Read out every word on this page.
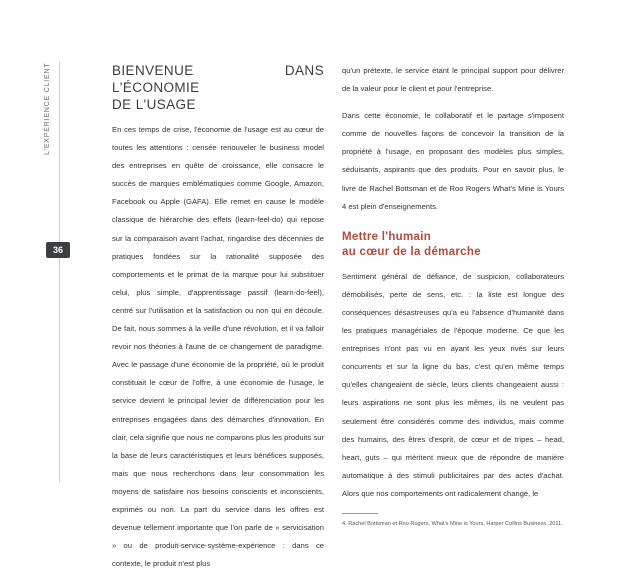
L'EXPÉRIENCE CLIENT
36
BIENVENUE DANS L'ÉCONOMIE
DE L'USAGE

En ces temps de crise, l'économie de l'usage est au cœur de toutes les attentions : censée renouveler le business model des entreprises en quête de croissance, elle consacre le succès de marques emblématiques comme Google, Amazon, Facebook ou Apple (GAFA). Elle remet en cause le modèle classique de hiérarchie des effets (learn-feel-do) qui repose sur la comparaison avant l'achat, ringardise des décennies de pratiques fondées sur la rationalité supposée des comportements et le primat de la marque pour lui substituer celui, plus simple, d'apprentissage passif (learn-do-feel), centré sur l'utilisation et la satisfaction ou non qui en découle. De fait, nous sommes à la veille d'une révolution, et il va falloir revoir nos théories à l'aune de ce changement de paradigme. Avec le passage d'une économie de la propriété, où le produit constituait le cœur de l'offre, à une économie de l'usage, le service devient le principal levier de différenciation pour les entreprises engagées dans des démarches d'innovation. En clair, cela signifie que nous ne comparons plus les produits sur la base de leurs caractéristiques et leurs bénéfices supposés, mais que nous recherchons dans leur consommation les moyens de satisfaire nos besoins conscients et inconscients, exprimés ou non. La part du service dans les offres est devenue tellement importante que l'on parle de « servicisation » ou de produit-service-système-expérience : dans ce contexte, le produit n'est plus

qu'un prétexte, le service étant le principal support pour délivrer de la valeur pour le client et pour l'entreprise.

Dans cette économie, le collaboratif et le partage s'imposent comme de nouvelles façons de concevoir la transition de la propriété à l'usage, en proposant des modèles plus simples, séduisants, aspirants que des produits. Pour en savoir plus, le livre de Rachel Bottsman et de Roo Rogers What's Mine is Yours 4 est plein d'enseignements.

Mettre l'humain
au cœur de la démarche

Sentiment général de défiance, de suspicion, collaborateurs démobilisés, perte de sens, etc. : la liste est longue des conséquences désastreuses qu'a eu l'absence d'humanité dans les pratiques managériales de l'époque moderne. Ce que les entreprises n'ont pas vu en ayant les yeux rivés sur leurs concurrents et sur la ligne du bas, c'est qu'en même temps qu'elles changeaient de siècle, leurs clients changeaient aussi : leurs aspirations ne sont plus les mêmes, ils ne veulent pas seulement être considérés comme des individus, mais comme des humains, des êtres d'esprit, de cœur et de tripes – head, heart, guts – qui méritent mieux que de répondre de manière automatique à des stimuli publicitaires par des actes d'achat. Alors que nos comportements ont radicalement changé, le

4. Rachel Bottsman et Roo Rogers, What's Mine is Yours, Harper Collins Business, 2011.
